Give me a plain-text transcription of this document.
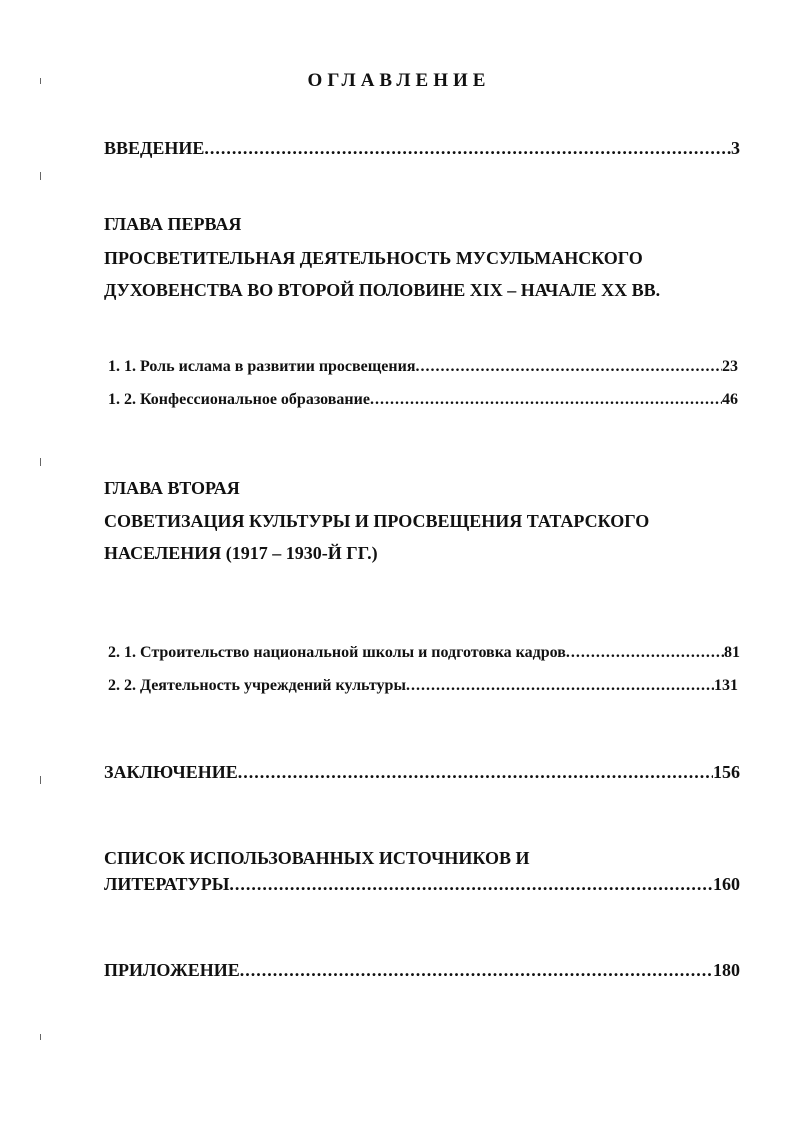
ОГЛАВЛЕНИЕ
ВВЕДЕНИЕ .....	3
ГЛАВА ПЕРВАЯ
ПРОСВЕТИТЕЛЬНАЯ ДЕЯТЕЛЬНОСТЬ МУСУЛЬМАНСКОГО
ДУХОВЕНСТВА ВО ВТОРОЙ ПОЛОВИНЕ XIX – НАЧАЛЕ XX ВВ.
1. 1. Роль ислама в развитии просвещения .....	23
1. 2. Конфессиональное образование .....	46
ГЛАВА ВТОРАЯ
СОВЕТИЗАЦИЯ КУЛЬТУРЫ И ПРОСВЕЩЕНИЯ ТАТАРСКОГО
НАСЕЛЕНИЯ (1917 – 1930-Й ГГ.)
2. 1. Строительство национальной школы и подготовка кадров .....	81
2. 2. Деятельность учреждений культуры .....	131
ЗАКЛЮЧЕНИЕ .....	156
СПИСОК ИСПОЛЬЗОВАННЫХ ИСТОЧНИКОВ И
ЛИТЕРАТУРЫ .....	160
ПРИЛОЖЕНИЕ .....	180
